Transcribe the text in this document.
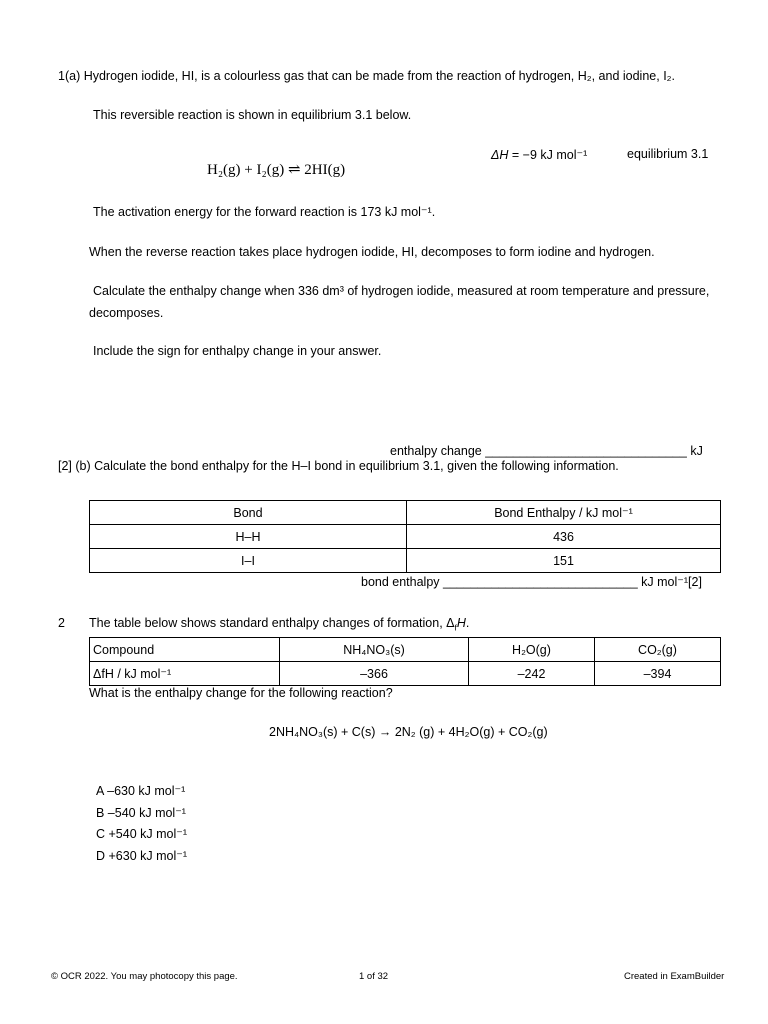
1(a) Hydrogen iodide, HI, is a colourless gas that can be made from the reaction of hydrogen, H₂, and iodine, I₂.
This reversible reaction is shown in equilibrium 3.1 below.
H₂(g) + I₂(g) ⇌ 2HI(g)
ΔH = −9 kJ mol⁻¹	equilibrium 3.1
The activation energy for the forward reaction is 173 kJ mol⁻¹.
When the reverse reaction takes place hydrogen iodide, HI, decomposes to form iodine and hydrogen.
Calculate the enthalpy change when 336 dm³ of hydrogen iodide, measured at room temperature and pressure,
decomposes.
Include the sign for enthalpy change in your answer.
enthalpy change _____________________________ kJ
[2] (b) Calculate the bond enthalpy for the H–I bond in equilibrium 3.1, given the following information.
Bond	Bond Enthalpy / kJ mol⁻¹
H–H	436
I–I	151
bond enthalpy ____________________________ kJ mol⁻¹[2]
2 The table below shows standard enthalpy changes of formation, $\Delta_fH$.
Compound	NH₄NO₃(s)	H₂O(g)	CO₂(g)
ΔfH / kJ mol⁻¹	–366	–242	–394
What is the enthalpy change for the following reaction?
2NH₄NO₃(s) + C(s) → 2N₂ (g) + 4H₂O(g) + CO₂(g)
A –630 kJ mol⁻¹
B –540 kJ mol⁻¹
C +540 kJ mol⁻¹
D +630 kJ mol⁻¹
© OCR 2022. You may photocopy this page.	1 of 32	Created in ExamBuilder
